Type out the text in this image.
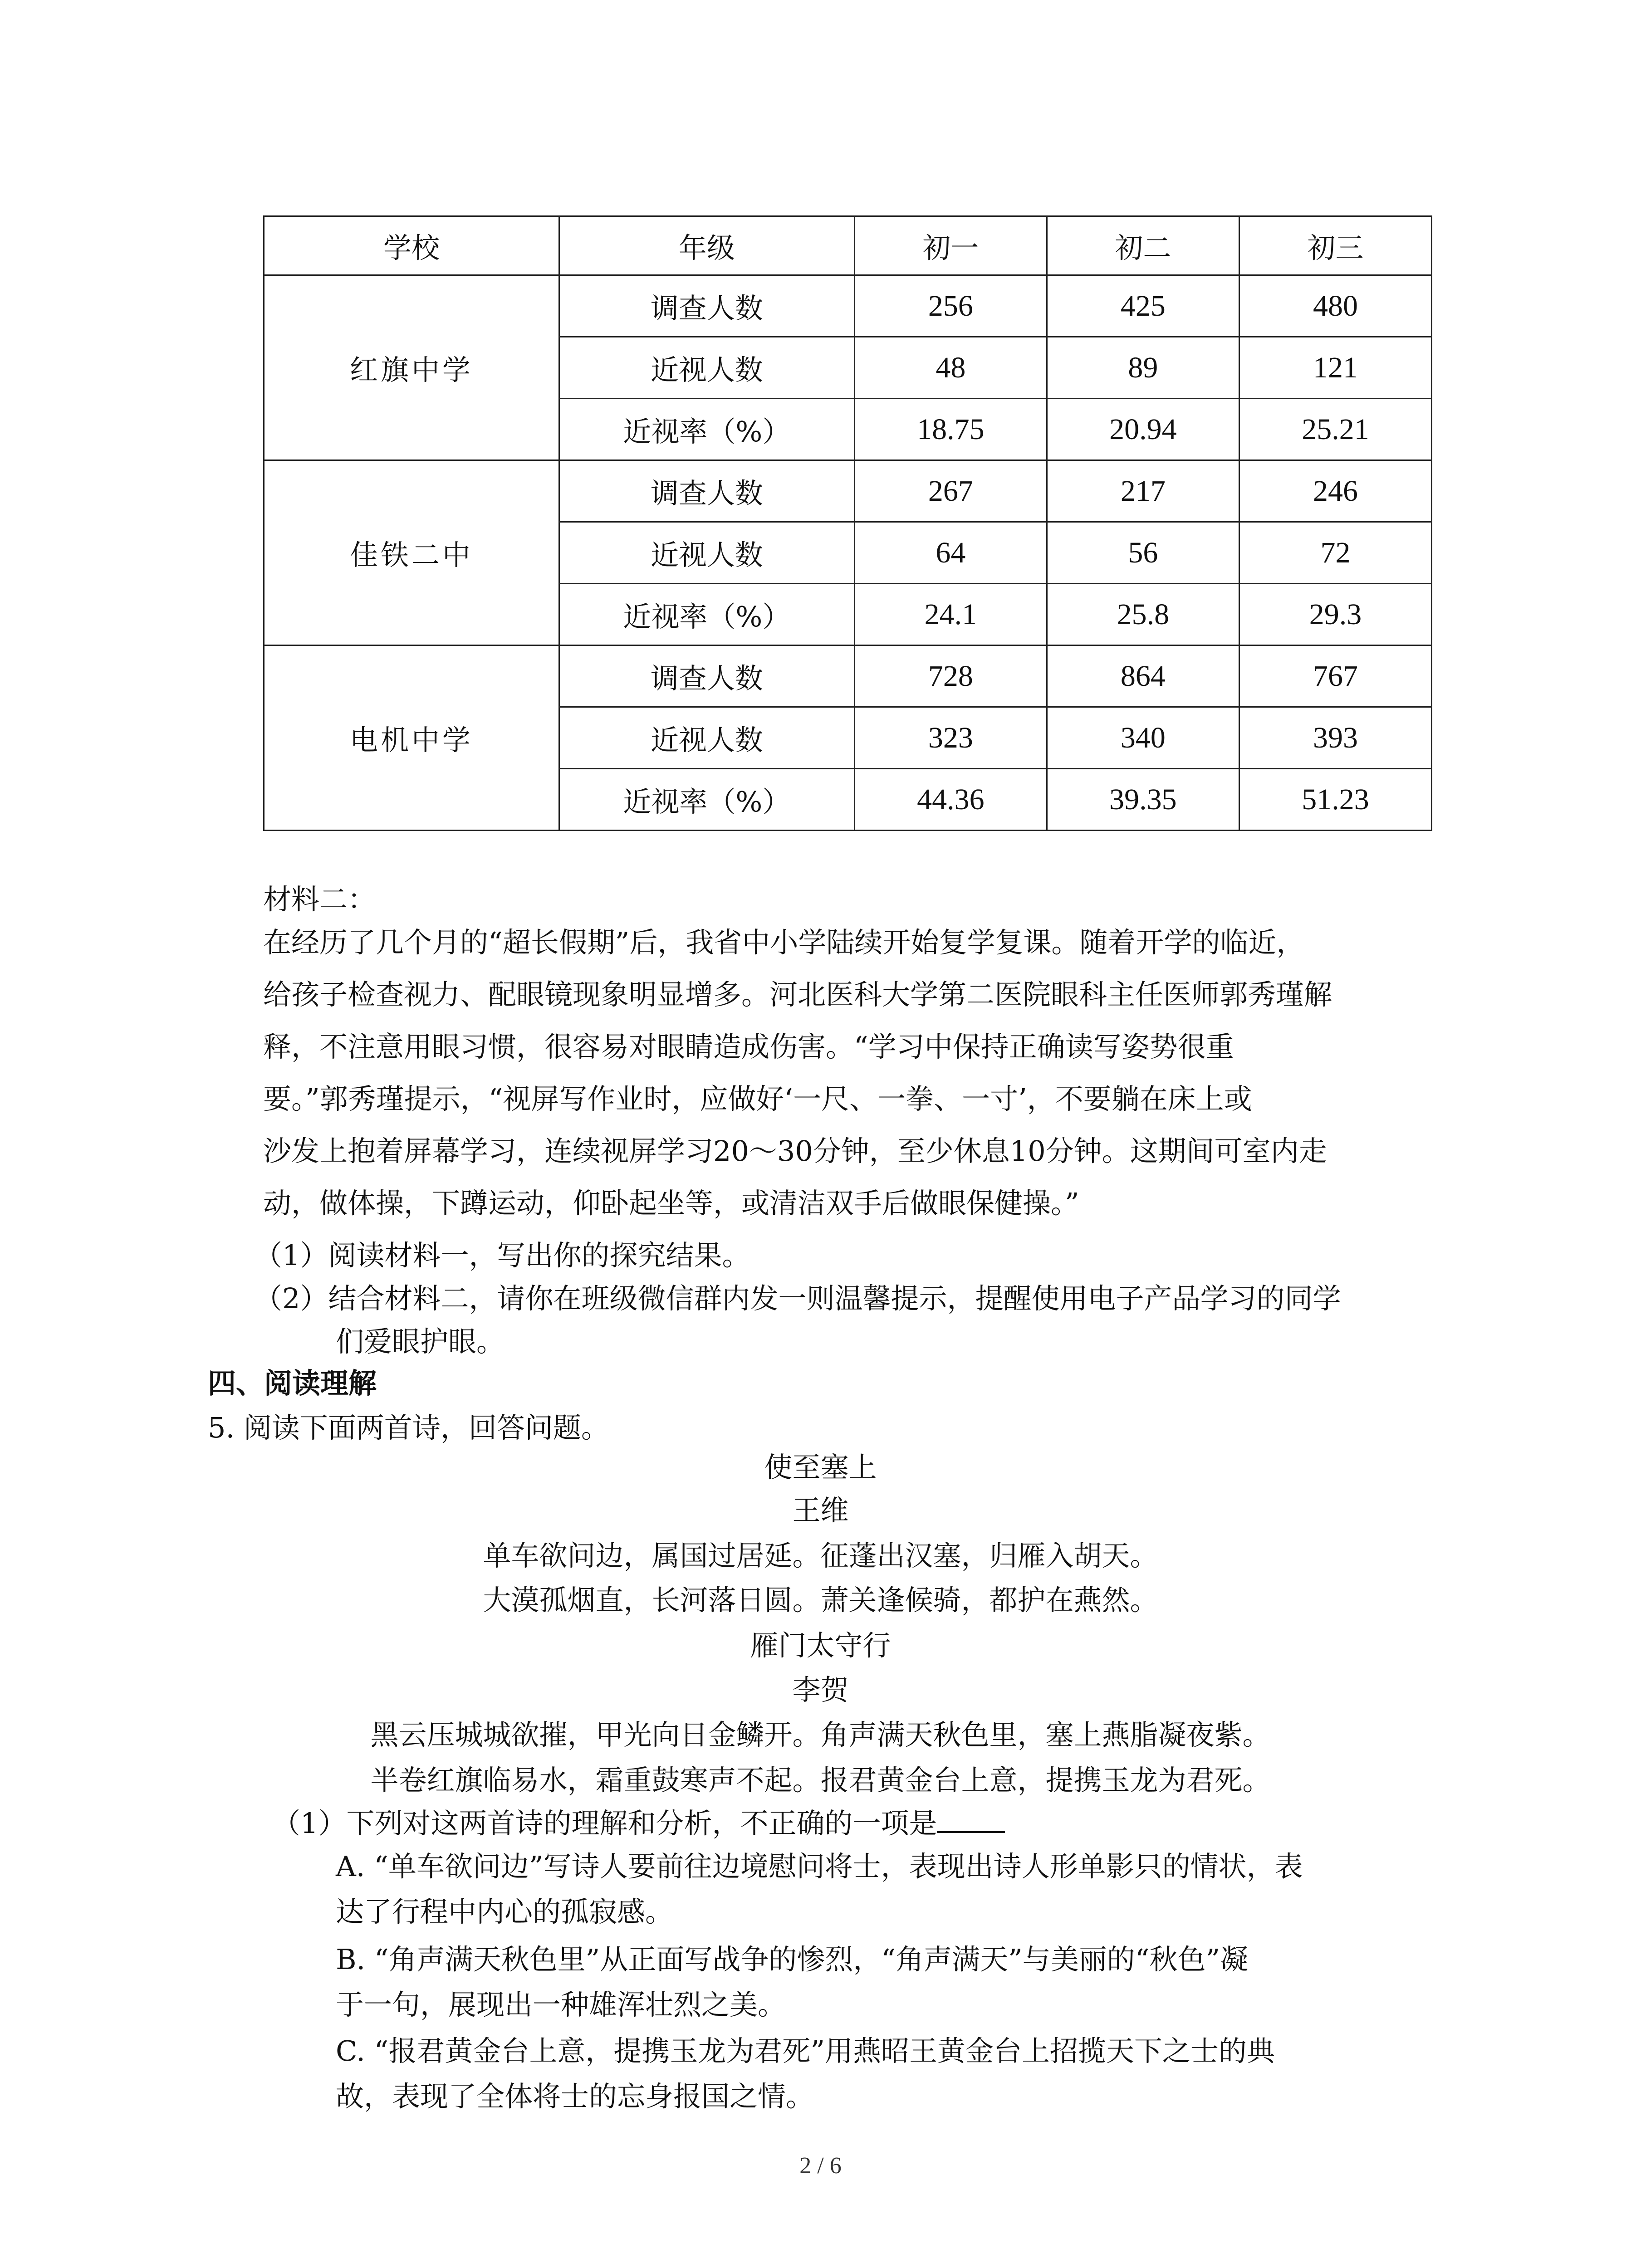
学校	年级	初一	初二	初三
红旗中学	调查人数	256	425	480
	近视人数	48	89	121
	近视率（%）	18.75	20.94	25.21
佳铁二中	调查人数	267	217	246
	近视人数	64	56	72
	近视率（%）	24.1	25.8	29.3
电机中学	调查人数	728	864	767
	近视人数	323	340	393
	近视率（%）	44.36	39.35	51.23
材料二：
在经历了几个月的“超长假期”后，我省中小学陆续开始复学复课。随着开学的临近，
给孩子检查视力、配眼镜现象明显增多。河北医科大学第二医院眼科主任医师郭秀瑾解
释，不注意用眼习惯，很容易对眼睛造成伤害。“学习中保持正确读写姿势很重
要。”郭秀瑾提示，“视屏写作业时，应做好‘一尺、一拳、一寸’，不要躺在床上或
沙发上抱着屏幕学习，连续视屏学习20～30分钟，至少休息10分钟。这期间可室内走
动，做体操，下蹲运动，仰卧起坐等，或清洁双手后做眼保健操。”
（1）阅读材料一，写出你的探究结果。
（2）结合材料二，请你在班级微信群内发一则温馨提示，提醒使用电子产品学习的同学
们爱眼护眼。
四、阅读理解
5. 阅读下面两首诗，回答问题。
使至塞上
王维
单车欲问边，属国过居延。征蓬出汉塞，归雁入胡天。
大漠孤烟直，长河落日圆。萧关逢候骑，都护在燕然。
雁门太守行
李贺
黑云压城城欲摧，甲光向日金鳞开。角声满天秋色里，塞上燕脂凝夜紫。
半卷红旗临易水，霜重鼓寒声不起。报君黄金台上意，提携玉龙为君死。
（1）下列对这两首诗的理解和分析，不正确的一项是
A. “单车欲问边”写诗人要前往边境慰问将士，表现出诗人形单影只的情状，表
达了行程中内心的孤寂感。
B. “角声满天秋色里”从正面写战争的惨烈，“角声满天”与美丽的“秋色”凝
于一句，展现出一种雄浑壮烈之美。
C. “报君黄金台上意，提携玉龙为君死”用燕昭王黄金台上招揽天下之士的典
故，表现了全体将士的忘身报国之情。
2 / 6
